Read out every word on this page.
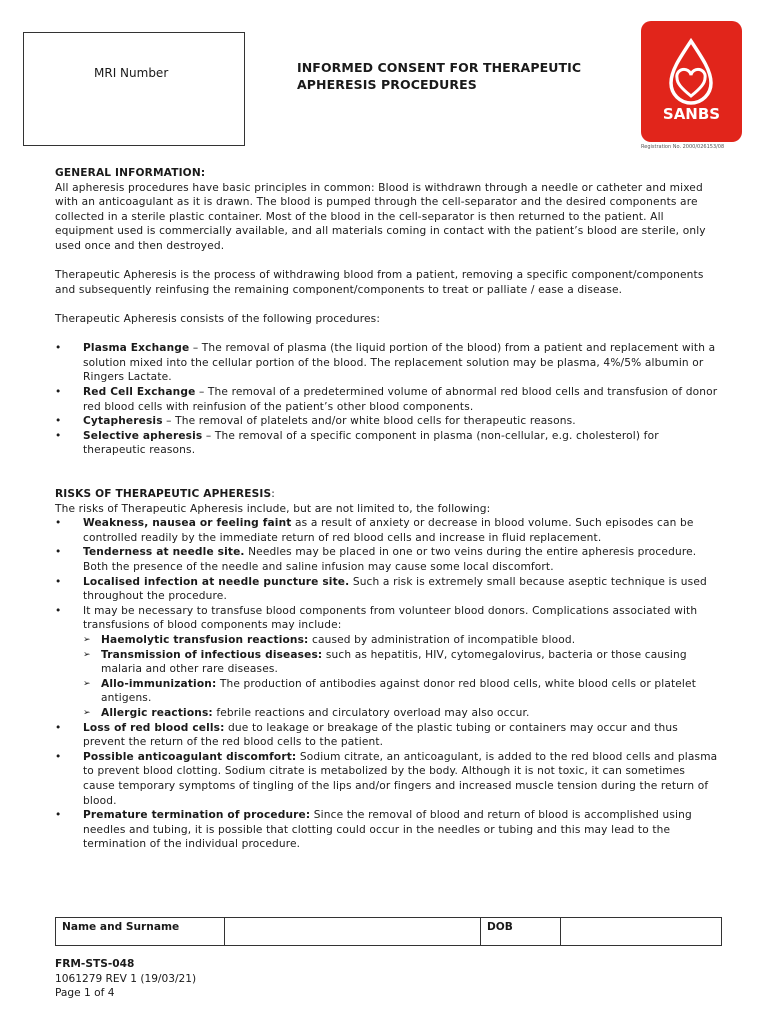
MRI Number	INFORMED CONSENT FOR THERAPEUTIC
APHERESIS PROCEDURES
SANBS
Registration No. 2000/026153/08

GENERAL INFORMATION:

All apheresis procedures have basic principles in common: Blood is withdrawn through a needle or catheter and mixed with an anticoagulant as it is drawn. The blood is pumped through the cell-separator and the desired components are collected in a sterile plastic container. Most of the blood in the cell-separator is then returned to the patient. All equipment used is commercially available, and all materials coming in contact with the patient’s blood are sterile, only used once and then destroyed.

Therapeutic Apheresis is the process of withdrawing blood from a patient, removing a specific component/components and subsequently reinfusing the remaining component/components to treat or palliate / ease a disease.

Therapeutic Apheresis consists of the following procedures:

• Plasma Exchange – The removal of plasma (the liquid portion of the blood) from a patient and replacement with a solution mixed into the cellular portion of the blood. The replacement solution may be plasma, 4%/5% albumin or Ringers Lactate.
• Red Cell Exchange – The removal of a predetermined volume of abnormal red blood cells and transfusion of donor red blood cells with reinfusion of the patient’s other blood components.
• Cytapheresis – The removal of platelets and/or white blood cells for therapeutic reasons.
• Selective apheresis – The removal of a specific component in plasma (non-cellular, e.g. cholesterol) for therapeutic reasons.

RISKS OF THERAPEUTIC APHERESIS:

The risks of Therapeutic Apheresis include, but are not limited to, the following:

• Weakness, nausea or feeling faint as a result of anxiety or decrease in blood volume. Such episodes can be controlled readily by the immediate return of red blood cells and increase in fluid replacement.
• Tenderness at needle site. Needles may be placed in one or two veins during the entire apheresis procedure. Both the presence of the needle and saline infusion may cause some local discomfort.
• Localised infection at needle puncture site. Such a risk is extremely small because aseptic technique is used throughout the procedure.
• It may be necessary to transfuse blood components from volunteer blood donors. Complications associated with transfusions of blood components may include:
➢ Haemolytic transfusion reactions: caused by administration of incompatible blood.
➢ Transmission of infectious diseases: such as hepatitis, HIV, cytomegalovirus, bacteria or those causing malaria and other rare diseases.
➢ Allo-immunization: The production of antibodies against donor red blood cells, white blood cells or platelet antigens.
➢ Allergic reactions: febrile reactions and circulatory overload may also occur.
• Loss of red blood cells: due to leakage or breakage of the plastic tubing or containers may occur and thus prevent the return of the red blood cells to the patient.
• Possible anticoagulant discomfort: Sodium citrate, an anticoagulant, is added to the red blood cells and plasma to prevent blood clotting. Sodium citrate is metabolized by the body. Although it is not toxic, it can sometimes cause temporary symptoms of tingling of the lips and/or fingers and increased muscle tension during the return of blood.
• Premature termination of procedure: Since the removal of blood and return of blood is accomplished using needles and tubing, it is possible that clotting could occur in the needles or tubing and this may lead to the termination of the individual procedure.
Name and Surname	DOB
FRM-STS-048
1061279 REV 1 (19/03/21)
Page 1 of 4
